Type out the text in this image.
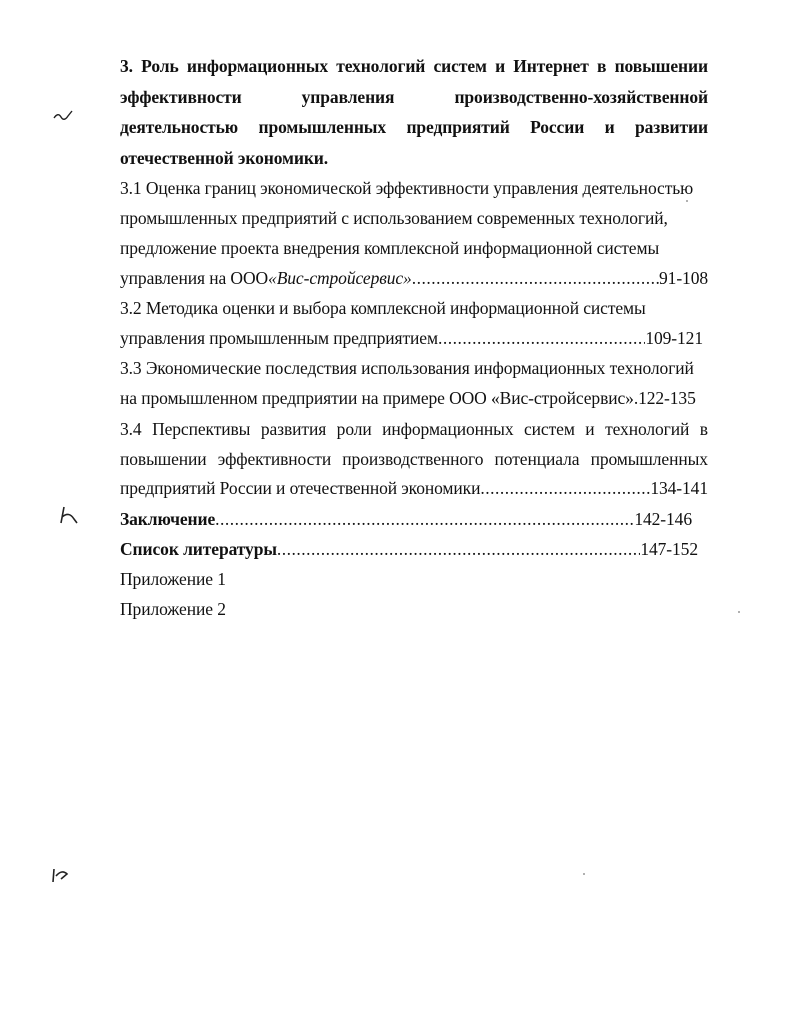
3. Роль информационных технологий систем и Интернет в повышении
эффективности	управления	производственно-хозяйственной
деятельностью промышленных предприятий России и развитии
отечественной экономики.
3.1 Оценка границ экономической эффективности управления деятельностью
промышленных предприятий с использованием современных технологий,
предложение проекта внедрения комплексной информационной системы
управления на ООО «Вис-стройсервис» .....	91-108
3.2 Методика оценки и выбора комплексной информационной системы
управления промышленным предприятием .....	109-121
3.3 Экономические последствия использования информационных технологий
на промышленном предприятии на примере ООО «Вис-стройсервис».122-135
3.4 Перспективы развития роли информационных систем и технологий в
повышении эффективности производственного потенциала промышленных
предприятий России и отечественной экономики .....	134-141
Заключение .....	142-146
Список литературы .....	147-152
Приложение 1
Приложение 2
